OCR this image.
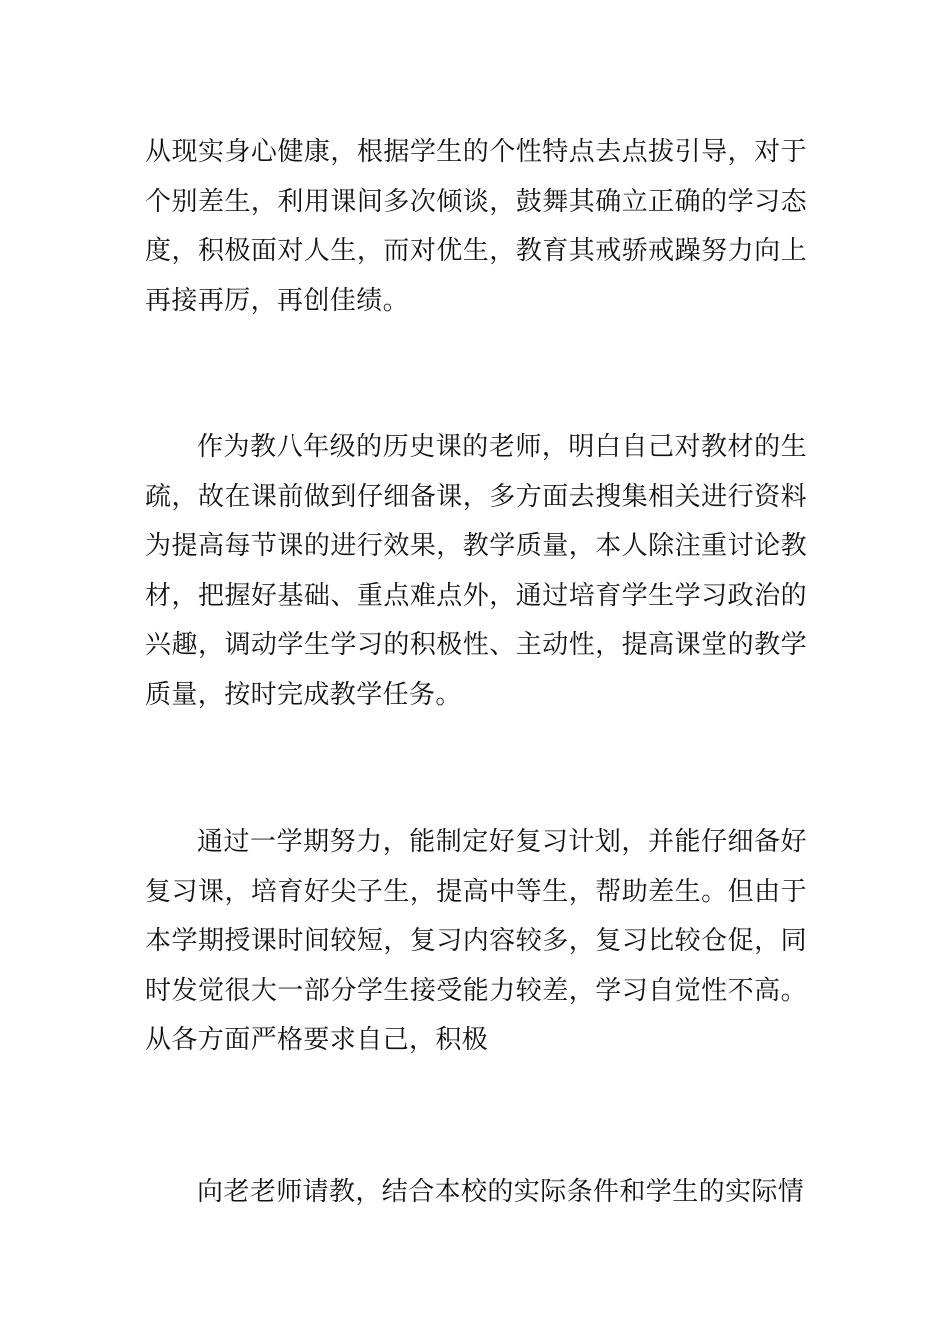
从现实身心健康，根据学生的个性特点去点拔引导，对于个别差生，利用课间多次倾谈，鼓舞其确立正确的学习态度，积极面对人生，而对优生，教育其戒骄戒躁努力向上再接再厉，再创佳绩。

作为教八年级的历史课的老师，明白自己对教材的生疏，故在课前做到仔细备课，多方面去搜集相关进行资料为提高每节课的进行效果，教学质量，本人除注重讨论教材，把握好基础、重点难点外，通过培育学生学习政治的兴趣，调动学生学习的积极性、主动性，提高课堂的教学质量，按时完成教学任务。

通过一学期努力，能制定好复习计划，并能仔细备好复习课，培育好尖子生，提高中等生，帮助差生。但由于本学期授课时间较短，复习内容较多，复习比较仓促，同时发觉很大一部分学生接受能力较差，学习自觉性不高。从各方面严格要求自己，积极

向老老师请教，结合本校的实际条件和学生的实际情
